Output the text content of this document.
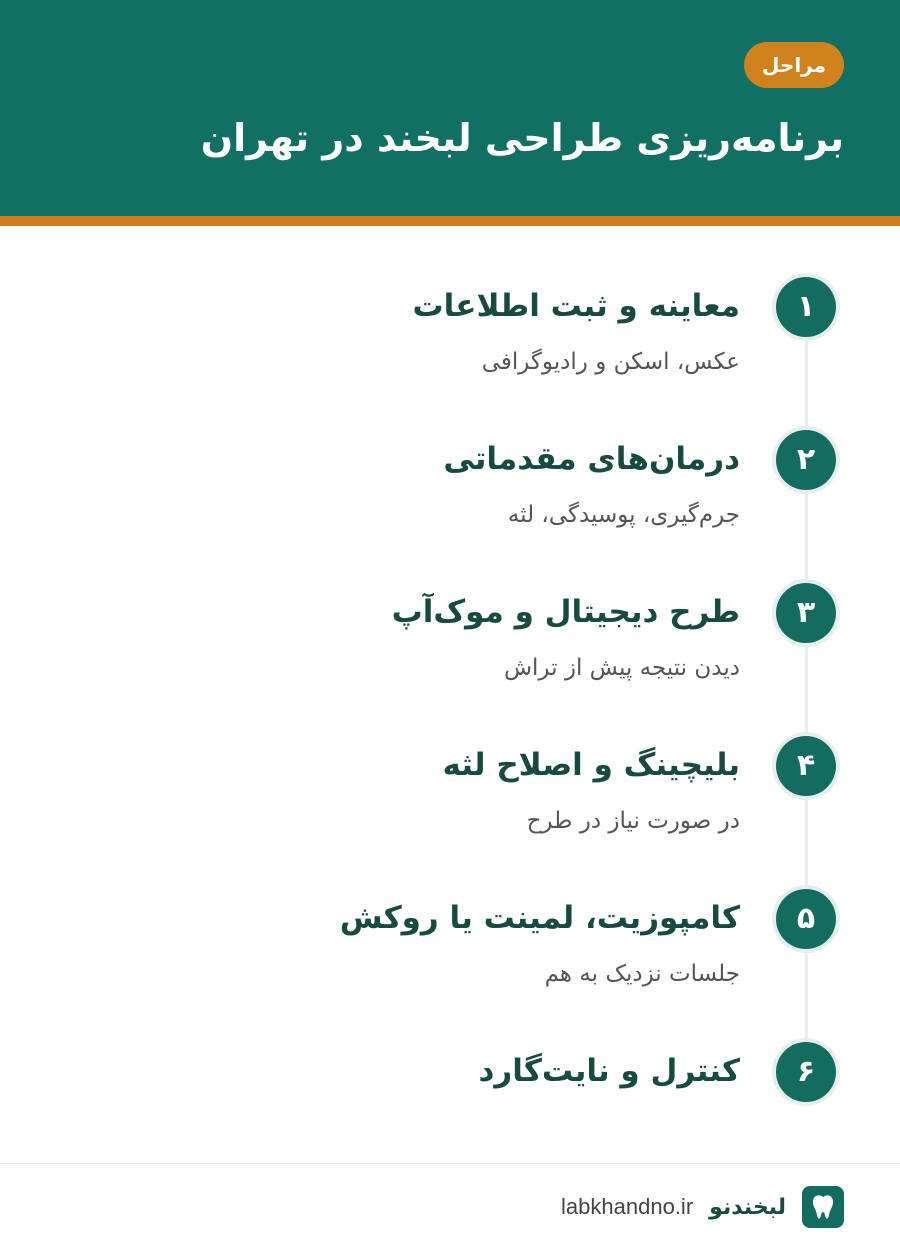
مراحل
برنامه‌ریزی طراحی لبخند در تهران
۱
معاینه و ثبت اطلاعات
عکس، اسکن و رادیوگرافی
۲
درمان‌های مقدماتی
جرم‌گیری، پوسیدگی، لثه
۳
طرح دیجیتال و موک‌آپ
دیدن نتیجه پیش از تراش
۴
بلیچینگ و اصلاح لثه
در صورت نیاز در طرح
۵
کامپوزیت، لمینت یا روکش
جلسات نزدیک به هم
۶
کنترل و نایت‌گارد
labkhandno.ir لبخندنو
